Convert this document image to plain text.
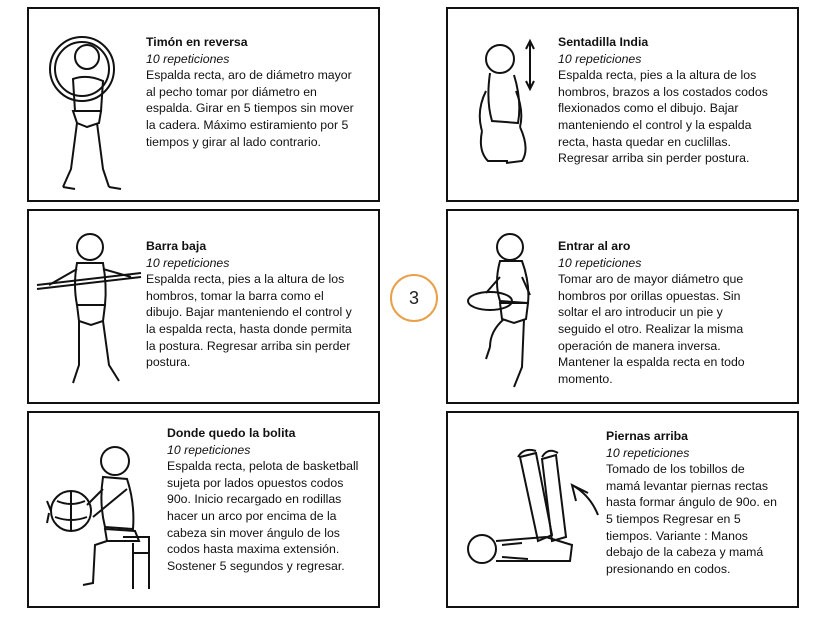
Timón en reversa
10 repeticiones
Espalda recta, aro de diámetro mayor
al pecho tomar por diámetro en
espalda. Girar en 5 tiempos sin mover
la cadera. Máximo estiramiento por 5
tiempos y girar al lado contrario.
Sentadilla India
10 repeticiones
Espalda recta, pies a la altura de los
hombros, brazos a los costados codos
flexionados como el dibujo. Bajar
manteniendo el control y la espalda
recta, hasta quedar en cuclillas.
Regresar arriba sin perder postura.
Barra baja
10 repeticiones
Espalda recta, pies a la altura de los
hombros, tomar la barra como el
dibujo. Bajar manteniendo el control y
la espalda recta, hasta donde permita
la postura. Regresar arriba sin perder
postura.
3
Entrar al aro
10 repeticiones
Tomar aro de mayor diámetro que
hombros por orillas opuestas. Sin
soltar el aro introducir un pie y
seguido el otro. Realizar la misma
operación de manera inversa.
Mantener la espalda recta en todo
momento.
Donde quedo la bolita
10 repeticiones
Espalda recta, pelota de basketball
sujeta por lados opuestos codos
90o. Inicio recargado en rodillas
hacer un arco por encima de la
cabeza sin mover ángulo de los
codos hasta maxima extensión.
Sostener 5 segundos y regresar.
Piernas arriba
10 repeticiones
Tomado de los tobillos de
mamá levantar piernas rectas
hasta formar ángulo de 90o. en
5 tiempos Regresar en 5
tiempos. Variante : Manos
debajo de la cabeza y mamá
presionando en codos.
